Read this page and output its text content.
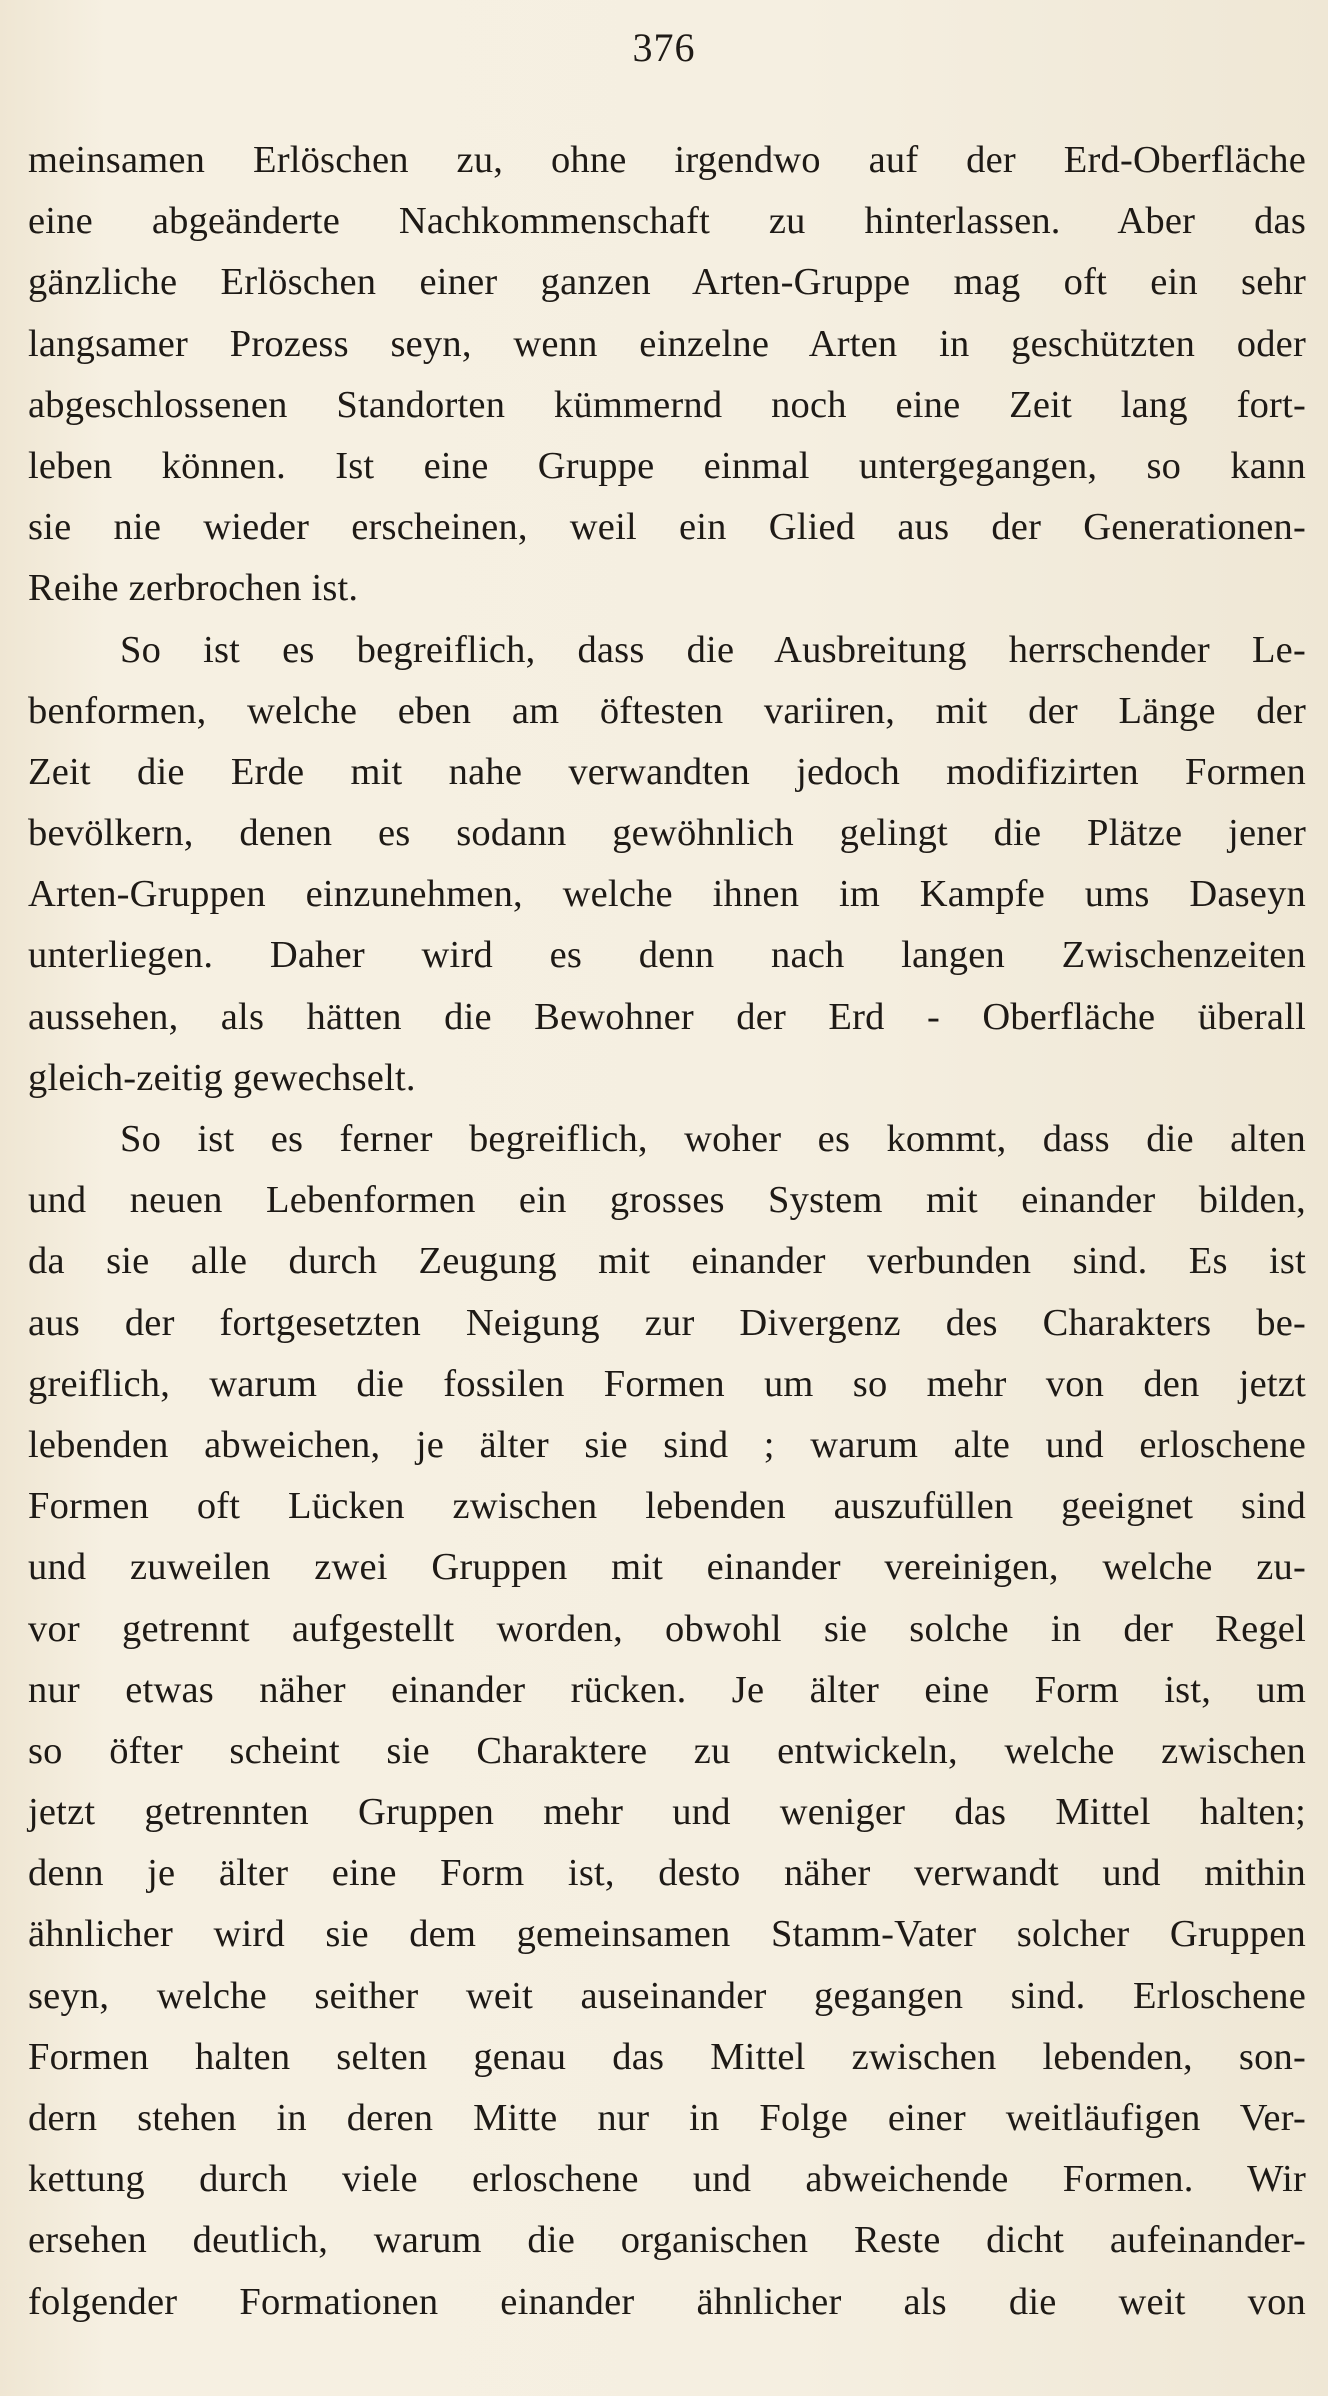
376
meinsamen Erlöschen zu, ohne irgendwo auf der Erd-Oberfläche
eine abgeänderte Nachkommenschaft zu hinterlassen. Aber das
gänzliche Erlöschen einer ganzen Arten-Gruppe mag oft ein sehr
langsamer Prozess seyn, wenn einzelne Arten in geschützten oder
abgeschlossenen Standorten kümmernd noch eine Zeit lang fort-
leben können. Ist eine Gruppe einmal untergegangen, so kann
sie nie wieder erscheinen, weil ein Glied aus der Generationen-
Reihe zerbrochen ist.
So ist es begreiflich, dass die Ausbreitung herrschender Le-
benformen, welche eben am öftesten variiren, mit der Länge der
Zeit die Erde mit nahe verwandten jedoch modifizirten Formen
bevölkern, denen es sodann gewöhnlich gelingt die Plätze jener
Arten-Gruppen einzunehmen, welche ihnen im Kampfe ums Daseyn
unterliegen. Daher wird es denn nach langen Zwischenzeiten
aussehen, als hätten die Bewohner der Erd - Oberfläche überall
gleich-zeitig gewechselt.
So ist es ferner begreiflich, woher es kommt, dass die alten
und neuen Lebenformen ein grosses System mit einander bilden,
da sie alle durch Zeugung mit einander verbunden sind. Es ist
aus der fortgesetzten Neigung zur Divergenz des Charakters be-
greiflich, warum die fossilen Formen um so mehr von den jetzt
lebenden abweichen, je älter sie sind ; warum alte und erloschene
Formen oft Lücken zwischen lebenden auszufüllen geeignet sind
und zuweilen zwei Gruppen mit einander vereinigen, welche zu-
vor getrennt aufgestellt worden, obwohl sie solche in der Regel
nur etwas näher einander rücken. Je älter eine Form ist, um
so öfter scheint sie Charaktere zu entwickeln, welche zwischen
jetzt getrennten Gruppen mehr und weniger das Mittel halten;
denn je älter eine Form ist, desto näher verwandt und mithin
ähnlicher wird sie dem gemeinsamen Stamm-Vater solcher Gruppen
seyn, welche seither weit auseinander gegangen sind. Erloschene
Formen halten selten genau das Mittel zwischen lebenden, son-
dern stehen in deren Mitte nur in Folge einer weitläufigen Ver-
kettung durch viele erloschene und abweichende Formen. Wir
ersehen deutlich, warum die organischen Reste dicht aufeinander-
folgender Formationen einander ähnlicher als die weit von
